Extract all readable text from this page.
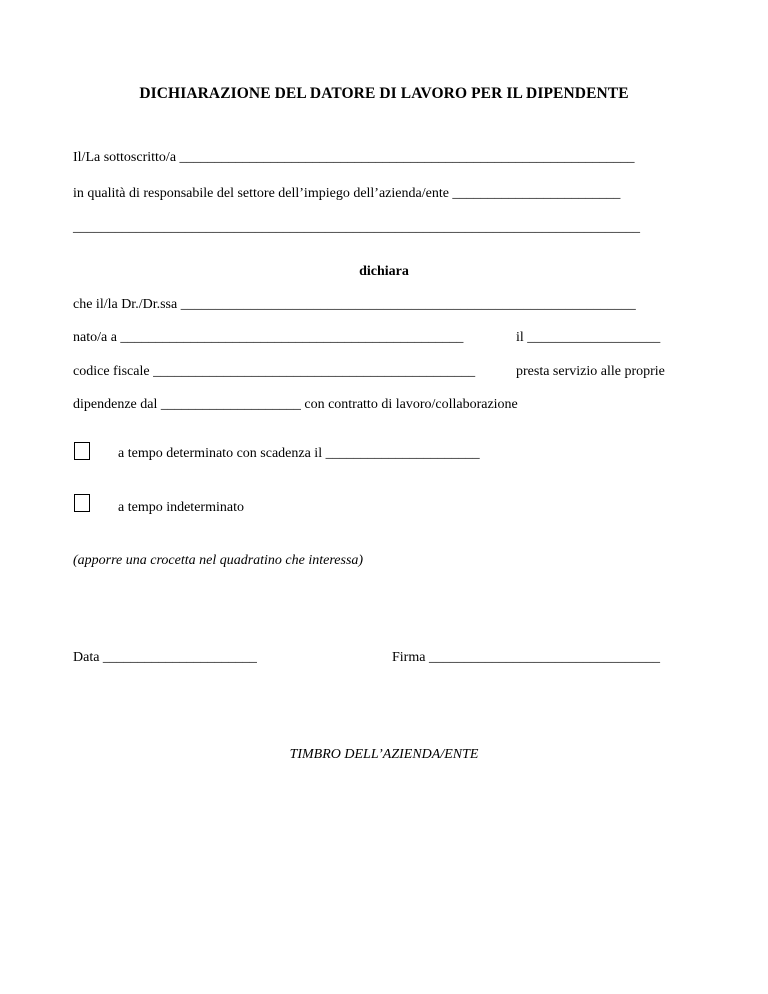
DICHIARAZIONE DEL DATORE DI LAVORO PER IL DIPENDENTE
Il/La sottoscritto/a _________________________________________________________________
in qualità di responsabile del settore dell’impiego dell’azienda/ente ________________________
_________________________________________________________________________________
dichiara
che il/la Dr./Dr.ssa _________________________________________________________________
nato/a a _________________________________________________	il ___________________
codice fiscale ______________________________________________	presta servizio alle proprie
dipendenze dal ____________________ con contratto di lavoro/collaborazione
a tempo determinato con scadenza il ______________________
a tempo indeterminato
(apporre una crocetta nel quadratino che interessa)
Data ______________________	Firma _________________________________
TIMBRO DELL’AZIENDA/ENTE
